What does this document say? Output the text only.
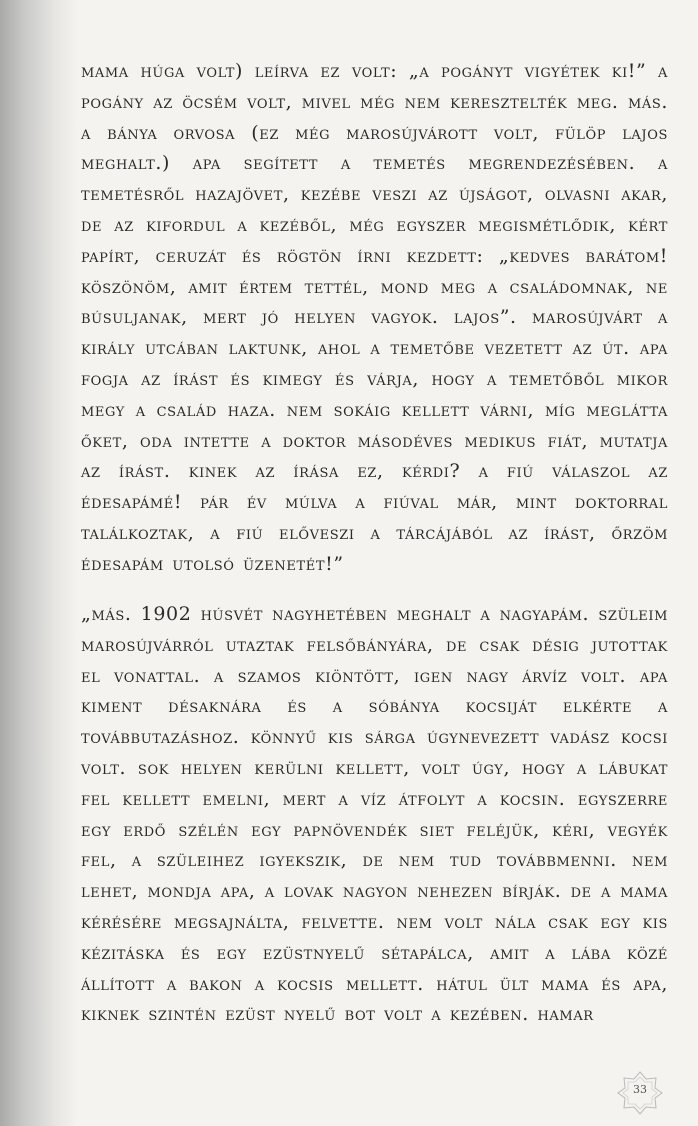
mama húga volt) leírva ez volt: „a pogányt vigyétek ki!” a pogány az öcsém volt, mivel még nem keresztelték meg. más. a bánya orvosa (ez még marosújvárott volt, fülöp lajos meghalt.) apa segített a temetés megrendezésében. a temetésről hazajövet, kezébe veszi az újságot, olvasni akar, de az kifordul a kezéből, még egyszer megismétlődik, kért papírt, ceruzát és rögtön írni kezdett: „kedves barátom! köszönöm, amit értem tettél, mond meg a családomnak, ne búsuljanak, mert jó helyen vagyok. lajos”. marosújvárt a király utcában laktunk, ahol a temetőbe vezetett az út. apa fogja az írást és kimegy és várja, hogy a temetőből mikor megy a család haza. nem sokáig kellett várni, míg meglátta őket, oda intette a doktor másodéves medikus fiát, mutatja az írást. kinek az írása ez, kérdi? a fiú válaszol az édesapámé! pár év múlva a fiúval már, mint doktorral találkoztak, a fiú előveszi a tárcájából az írást, őrzöm édesapám utolsó üzenetét!”

„más. 1902 húsvét nagyhetében meghalt a nagyapám. szüleim marosújvárról utaztak felsőbányára, de csak désig jutottak el vonattal. a szamos kiöntött, igen nagy árvíz volt. apa kiment désaknára és a sóbánya kocsiját elkérte a továbbutazáshoz. könnyű kis sárga úgynevezett vadász kocsi volt. sok helyen kerülni kellett, volt úgy, hogy a lábukat fel kellett emelni, mert a víz átfolyt a kocsin. egyszerre egy erdő szélén egy papnövendék siet feléjük, kéri, vegyék fel, a szüleihez igyekszik, de nem tud továbbmenni. nem lehet, mondja apa, a lovak nagyon nehezen bírják. de a mama kérésére megsajnálta, felvette. nem volt nála csak egy kis kézitáska és egy ezüstnyelű sétapálca, amit a lába közé állított a bakon a kocsis mellett. hátul ült mama és apa, kiknek szintén ezüst nyelű bot volt a kezében. hamar

33
